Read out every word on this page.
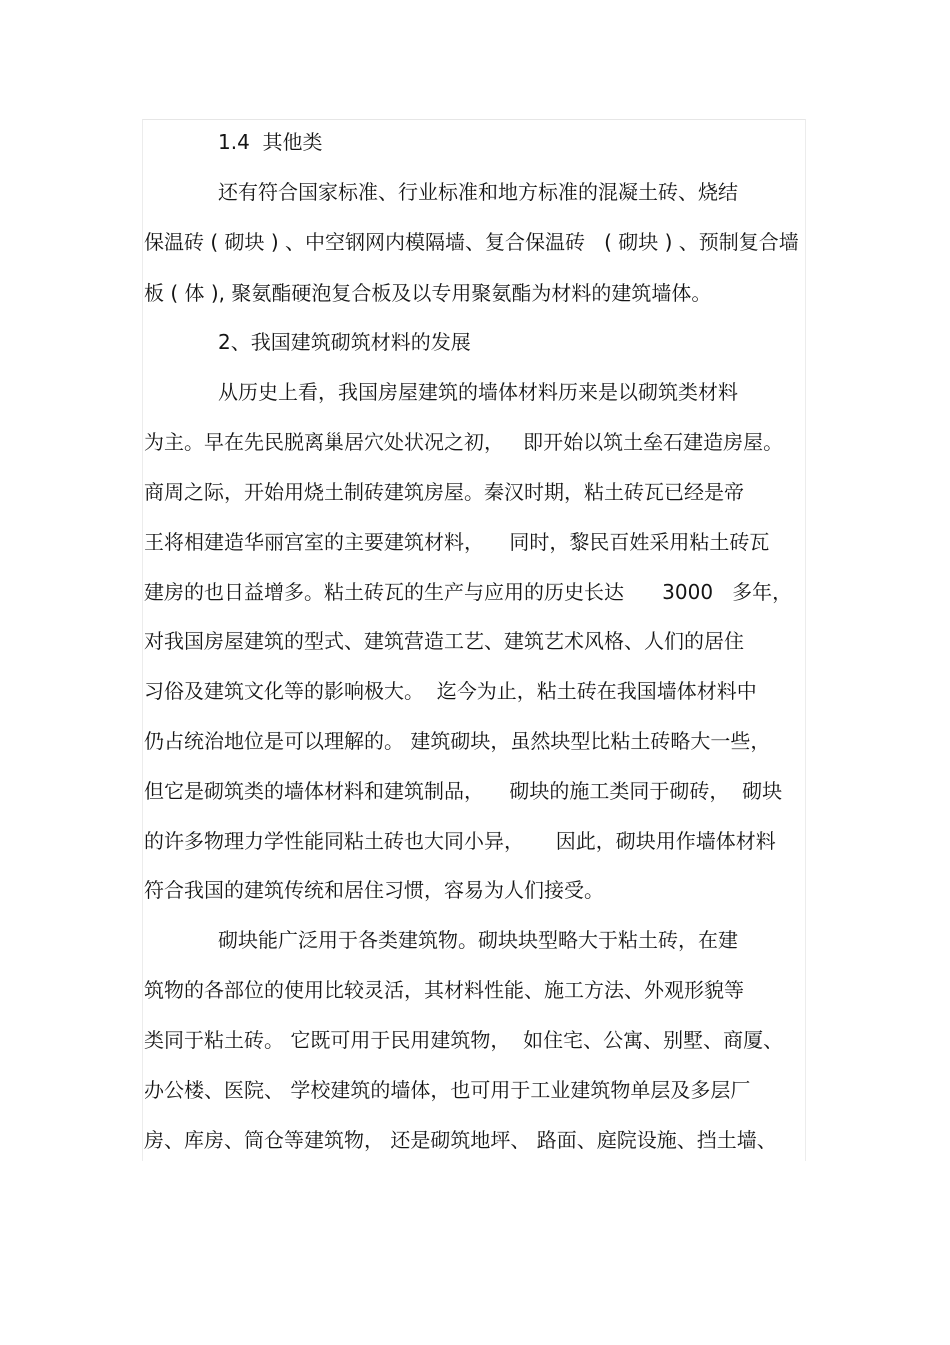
1.4  其他类
还有符合国家标准、行业标准和地方标准的混凝土砖、烧结
保温砖 ( 砌块 ) 、中空钢网内模隔墙、复合保温砖   ( 砌块 ) 、预制复合墙
板 ( 体 ), 聚氨酯硬泡复合板及以专用聚氨酯为材料的建筑墙体。
2、我国建筑砌筑材料的发展
从历史上看，我国房屋建筑的墙体材料历来是以砌筑类材料
为主。早在先民脱离巢居穴处状况之初，   即开始以筑土垒石建造房屋。
商周之际，开始用烧土制砖建筑房屋。秦汉时期，粘土砖瓦已经是帝
王将相建造华丽宫室的主要建筑材料，    同时，黎民百姓采用粘土砖瓦
建房的也日益增多。粘土砖瓦的生产与应用的历史长达      3000   多年，
对我国房屋建筑的型式、建筑营造工艺、建筑艺术风格、人们的居住
习俗及建筑文化等的影响极大。  迄今为止，粘土砖在我国墙体材料中
仍占统治地位是可以理解的。 建筑砌块，虽然块型比粘土砖略大一些，
但它是砌筑类的墙体材料和建筑制品，    砌块的施工类同于砌砖，  砌块
的许多物理力学性能同粘土砖也大同小异，     因此，砌块用作墙体材料
符合我国的建筑传统和居住习惯，容易为人们接受。
砌块能广泛用于各类建筑物。砌块块型略大于粘土砖，在建
筑物的各部位的使用比较灵活，其材料性能、施工方法、外观形貌等
类同于粘土砖。 它既可用于民用建筑物，  如住宅、公寓、别墅、商厦、
办公楼、医院、 学校建筑的墙体，也可用于工业建筑物单层及多层厂
房、库房、筒仓等建筑物， 还是砌筑地坪、 路面、庭院设施、挡土墙、
